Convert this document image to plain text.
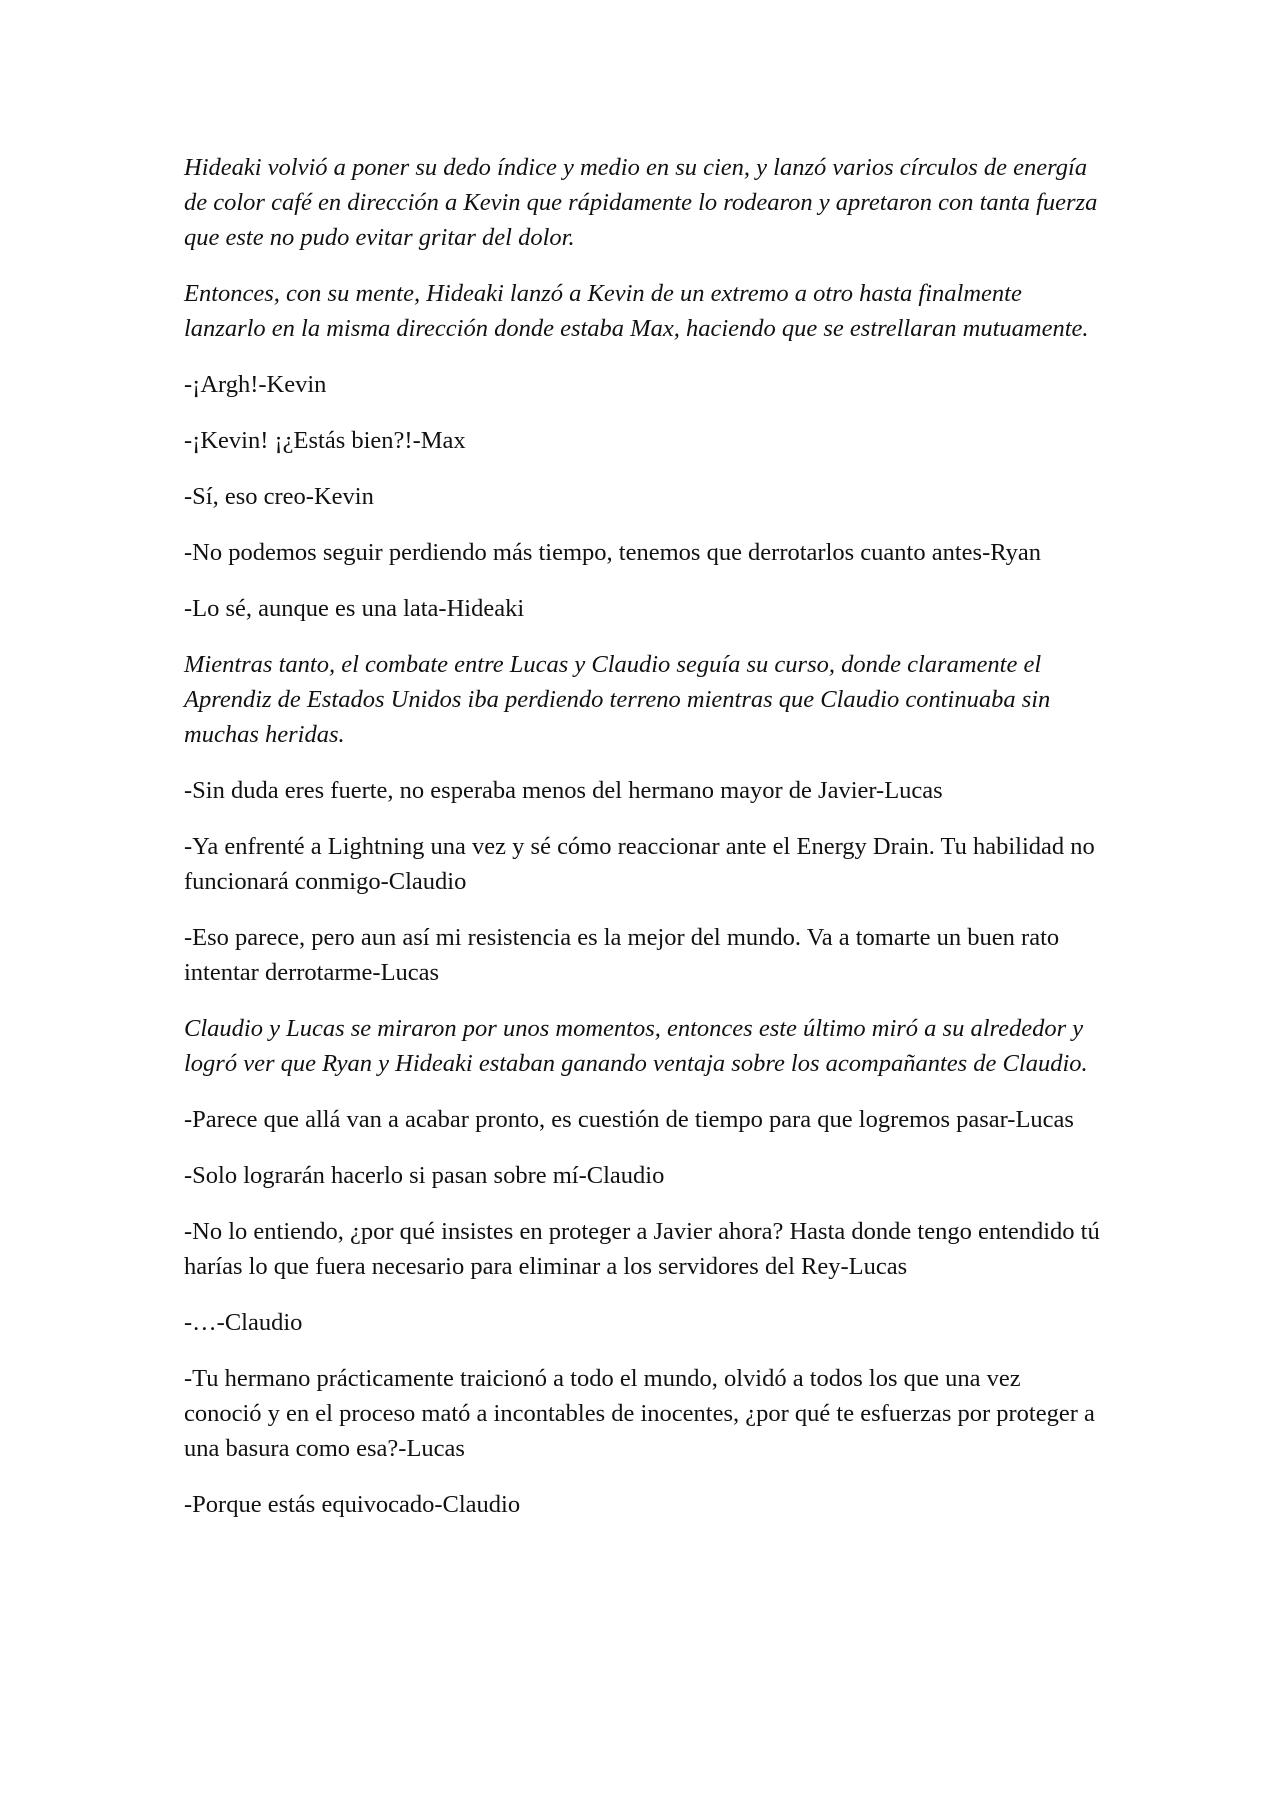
Hideaki volvió a poner su dedo índice y medio en su cien, y lanzó varios círculos de energía de color café en dirección a Kevin que rápidamente lo rodearon y apretaron con tanta fuerza que este no pudo evitar gritar del dolor.

Entonces, con su mente, Hideaki lanzó a Kevin de un extremo a otro hasta finalmente lanzarlo en la misma dirección donde estaba Max, haciendo que se estrellaran mutuamente.

-¡Argh!-Kevin

-¡Kevin! ¡¿Estás bien?!-Max

-Sí, eso creo-Kevin

-No podemos seguir perdiendo más tiempo, tenemos que derrotarlos cuanto antes-Ryan

-Lo sé, aunque es una lata-Hideaki

Mientras tanto, el combate entre Lucas y Claudio seguía su curso, donde claramente el Aprendiz de Estados Unidos iba perdiendo terreno mientras que Claudio continuaba sin muchas heridas.

-Sin duda eres fuerte, no esperaba menos del hermano mayor de Javier-Lucas

-Ya enfrenté a Lightning una vez y sé cómo reaccionar ante el Energy Drain. Tu habilidad no funcionará conmigo-Claudio

-Eso parece, pero aun así mi resistencia es la mejor del mundo. Va a tomarte un buen rato intentar derrotarme-Lucas

Claudio y Lucas se miraron por unos momentos, entonces este último miró a su alrededor y logró ver que Ryan y Hideaki estaban ganando ventaja sobre los acompañantes de Claudio.

-Parece que allá van a acabar pronto, es cuestión de tiempo para que logremos pasar-Lucas

-Solo lograrán hacerlo si pasan sobre mí-Claudio

-No lo entiendo, ¿por qué insistes en proteger a Javier ahora? Hasta donde tengo entendido tú harías lo que fuera necesario para eliminar a los servidores del Rey-Lucas

-…-Claudio

-Tu hermano prácticamente traicionó a todo el mundo, olvidó a todos los que una vez conoció y en el proceso mató a incontables de inocentes, ¿por qué te esfuerzas por proteger a una basura como esa?-Lucas

-Porque estás equivocado-Claudio
